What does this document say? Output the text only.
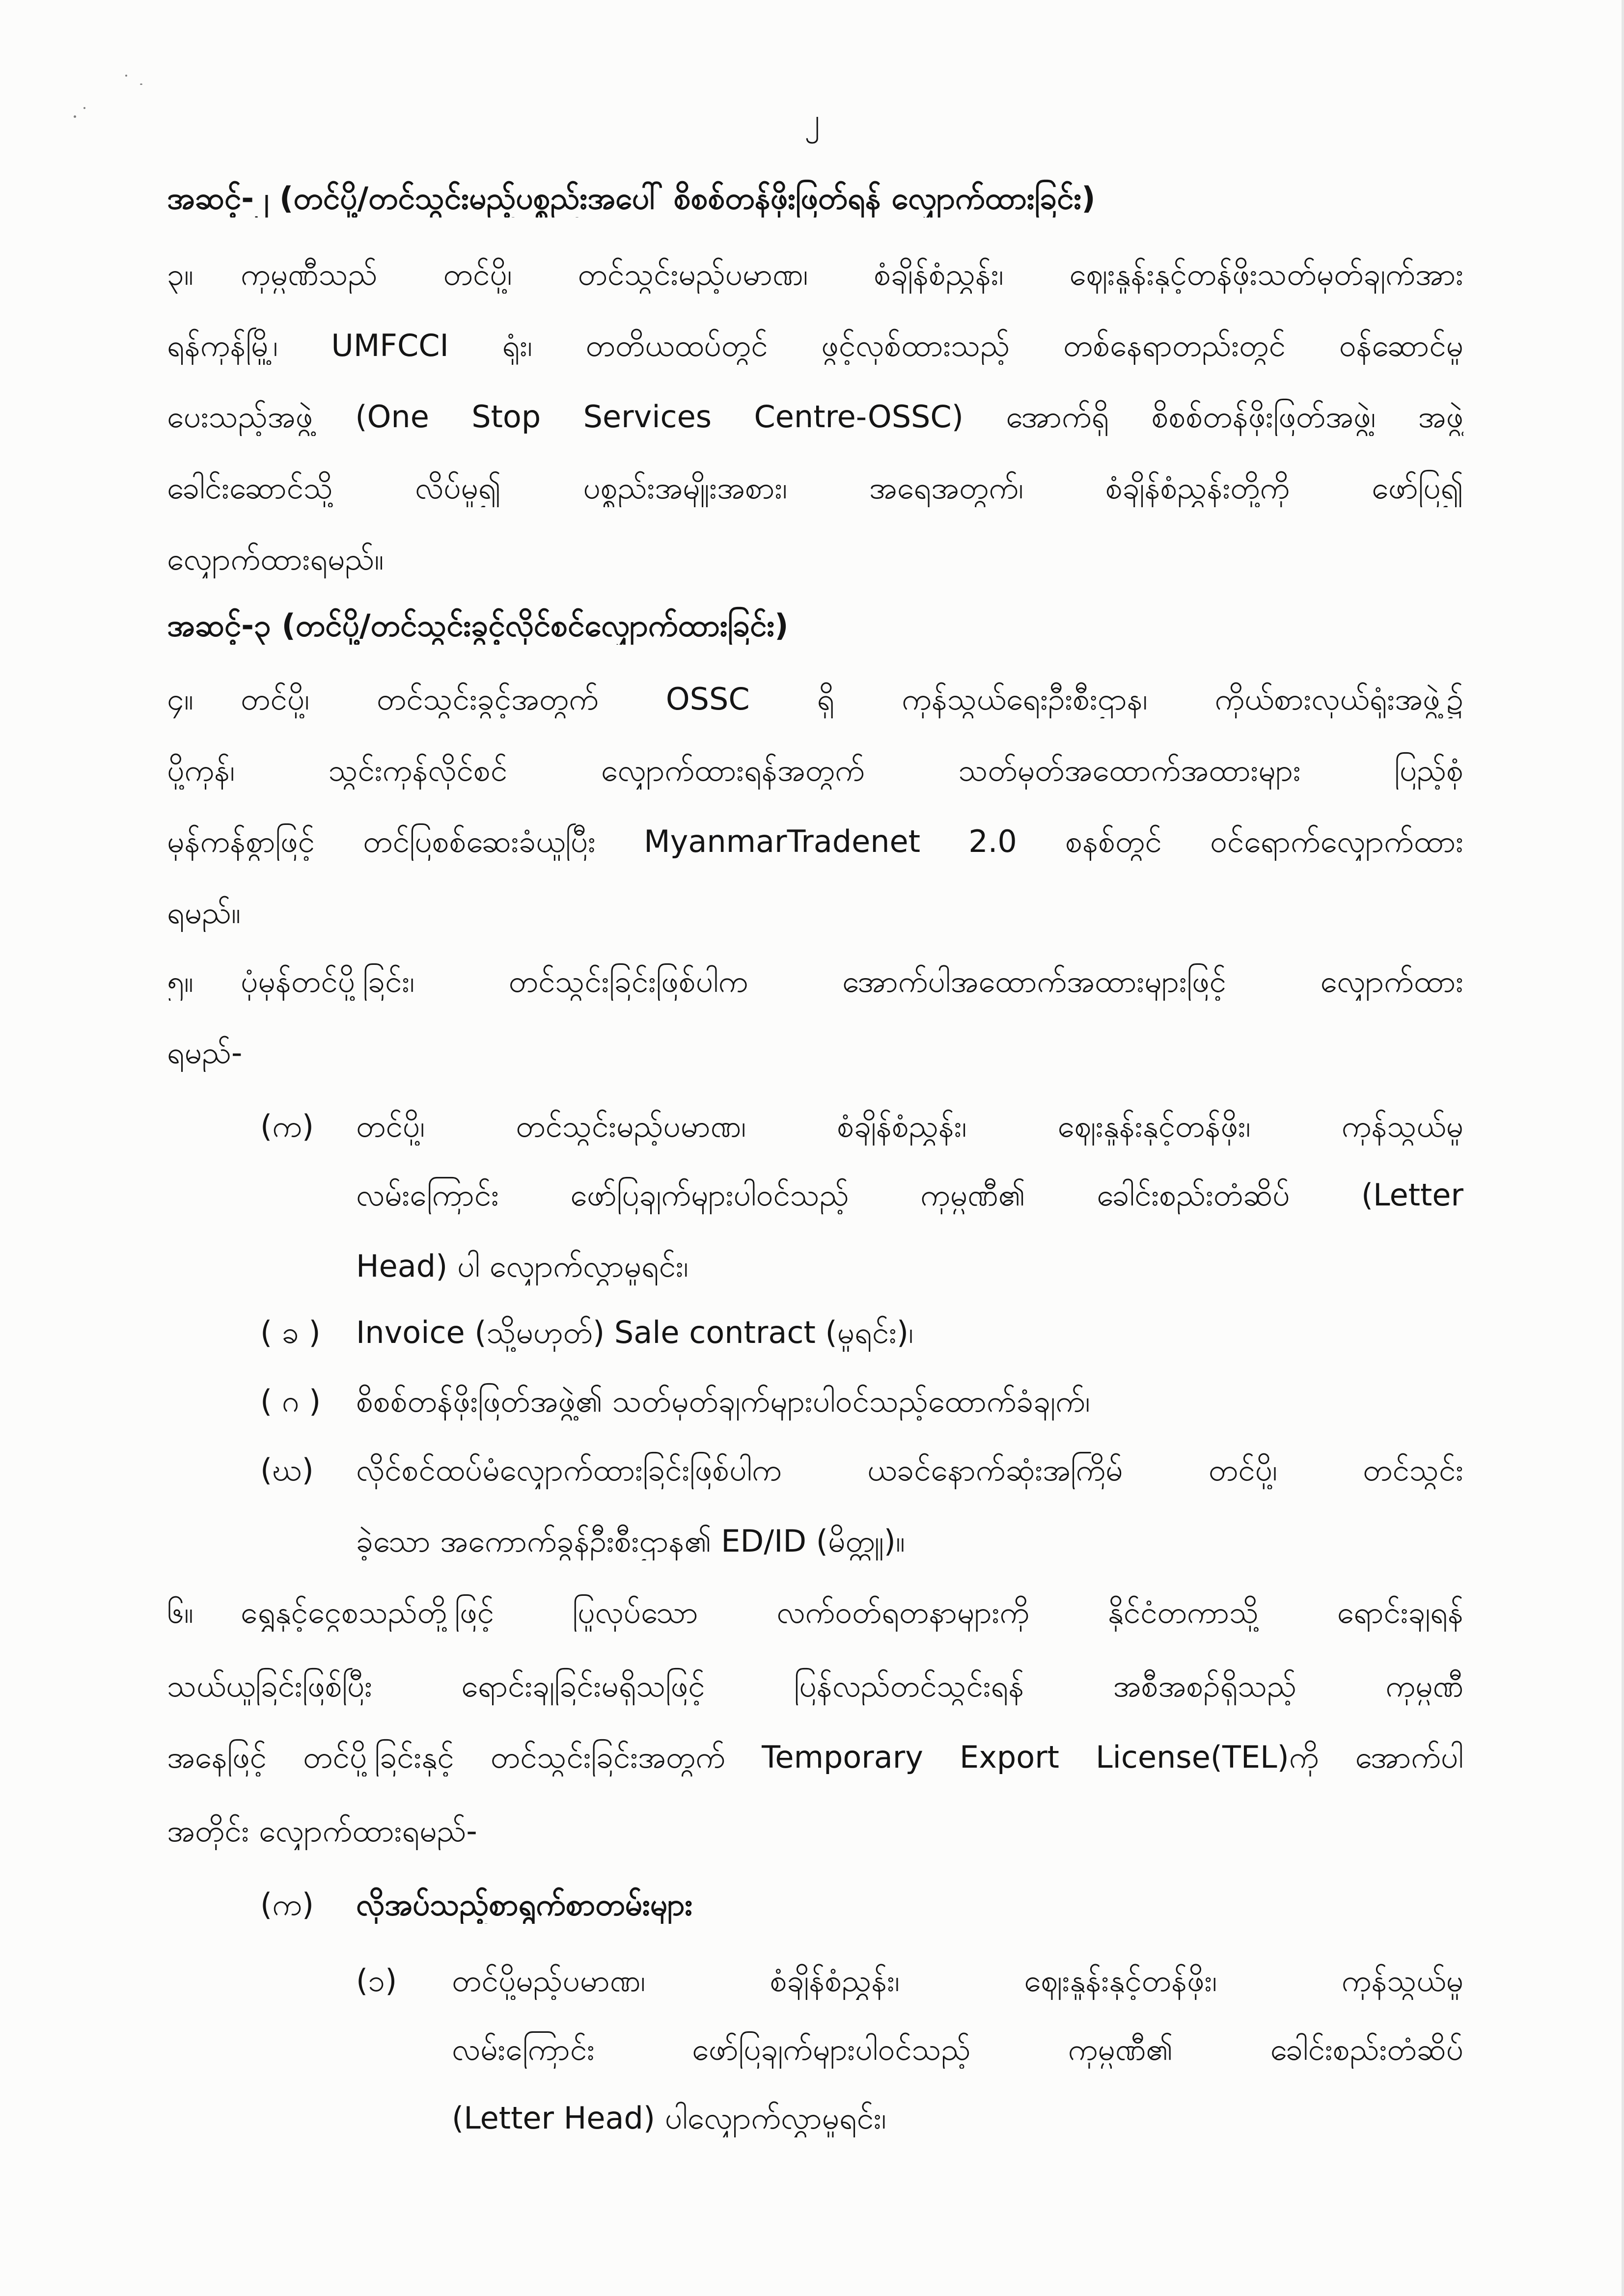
၂
အဆင့်-၂ (တင်ပို့/တင်သွင်းမည့်ပစ္စည်းအပေါ် စိစစ်တန်ဖိုးဖြတ်ရန် လျှောက်ထားခြင်း)
၃။ ကုမ္ပဏီသည် တင်ပို့၊ တင်သွင်းမည့်ပမာဏ၊ စံချိန်စံညွှန်း၊ ဈေးနှုန်းနှင့်တန်ဖိုးသတ်မှတ်ချက်အား
ရန်ကုန်မြို့၊ UMFCCI ရုံး၊ တတိယထပ်တွင် ဖွင့်လှစ်ထားသည့် တစ်နေရာတည်းတွင် ဝန်ဆောင်မှု
ပေးသည့်အဖွဲ့ (One Stop Services Centre-OSSC) အောက်ရှိ စိစစ်တန်ဖိုးဖြတ်အဖွဲ့၊ အဖွဲ့
ခေါင်းဆောင်သို့ လိပ်မူ၍ ပစ္စည်းအမျိုးအစား၊ အရေအတွက်၊ စံချိန်စံညွှန်းတို့ကို ဖော်ပြ၍
လျှောက်ထားရမည်။
အဆင့်-၃ (တင်ပို့/တင်သွင်းခွင့်လိုင်စင်လျှောက်ထားခြင်း)
၄။ တင်ပို့၊ တင်သွင်းခွင့်အတွက် OSSC ရှိ ကုန်သွယ်ရေးဦးစီးဌာန၊ ကိုယ်စားလှယ်ရုံးအဖွဲ့၌
ပို့ကုန်၊ သွင်းကုန်လိုင်စင် လျှောက်ထားရန်အတွက် သတ်မှတ်အထောက်အထားများ ပြည့်စုံ
မှန်ကန်စွာဖြင့် တင်ပြစစ်ဆေးခံယူပြီး MyanmarTradenet 2.0 စနစ်တွင် ဝင်ရောက်လျှောက်ထား
ရမည်။
၅။ ပုံမှန်တင်ပို့ခြင်း၊ တင်သွင်းခြင်းဖြစ်ပါက အောက်ပါအထောက်အထားများဖြင့် လျှောက်ထား
ရမည်-
(က) တင်ပို့၊ တင်သွင်းမည့်ပမာဏ၊ စံချိန်စံညွှန်း၊ ဈေးနှုန်းနှင့်တန်ဖိုး၊ ကုန်သွယ်မှု
လမ်းကြောင်း ဖော်ပြချက်များပါဝင်သည့် ကုမ္ပဏီ၏ ခေါင်းစည်းတံဆိပ် (Letter
Head) ပါ လျှောက်လွှာမူရင်း၊
( ခ ) Invoice (သို့မဟုတ်) Sale contract (မူရင်း)၊
( ဂ ) စိစစ်တန်ဖိုးဖြတ်အဖွဲ့၏ သတ်မှတ်ချက်များပါဝင်သည့်ထောက်ခံချက်၊
(ဃ) လိုင်စင်ထပ်မံလျှောက်ထားခြင်းဖြစ်ပါက ယခင်နောက်ဆုံးအကြိမ် တင်ပို့၊ တင်သွင်း
ခဲ့သော အကောက်ခွန်ဦးစီးဌာန၏ ED/ID (မိတ္တူ)။
၆။ ရွှေနှင့်ငွေစသည်တို့ဖြင့် ပြုလုပ်သော လက်ဝတ်ရတနာများကို နိုင်ငံတကာသို့ ရောင်းချရန်
သယ်ယူခြင်းဖြစ်ပြီး ရောင်းချခြင်းမရှိသဖြင့် ပြန်လည်တင်သွင်းရန် အစီအစဉ်ရှိသည့် ကုမ္ပဏီ
အနေဖြင့် တင်ပို့ခြင်းနှင့် တင်သွင်းခြင်းအတွက် Temporary Export License(TEL)ကို အောက်ပါ
အတိုင်း လျှောက်ထားရမည်-
(က) လိုအပ်သည့်စာရွက်စာတမ်းများ
(၁) တင်ပို့မည့်ပမာဏ၊ စံချိန်စံညွှန်း၊ ဈေးနှုန်းနှင့်တန်ဖိုး၊ ကုန်သွယ်မှု
လမ်းကြောင်း ဖော်ပြချက်များပါဝင်သည့် ကုမ္ပဏီ၏ ခေါင်းစည်းတံဆိပ်
(Letter Head) ပါလျှောက်လွှာမူရင်း၊
